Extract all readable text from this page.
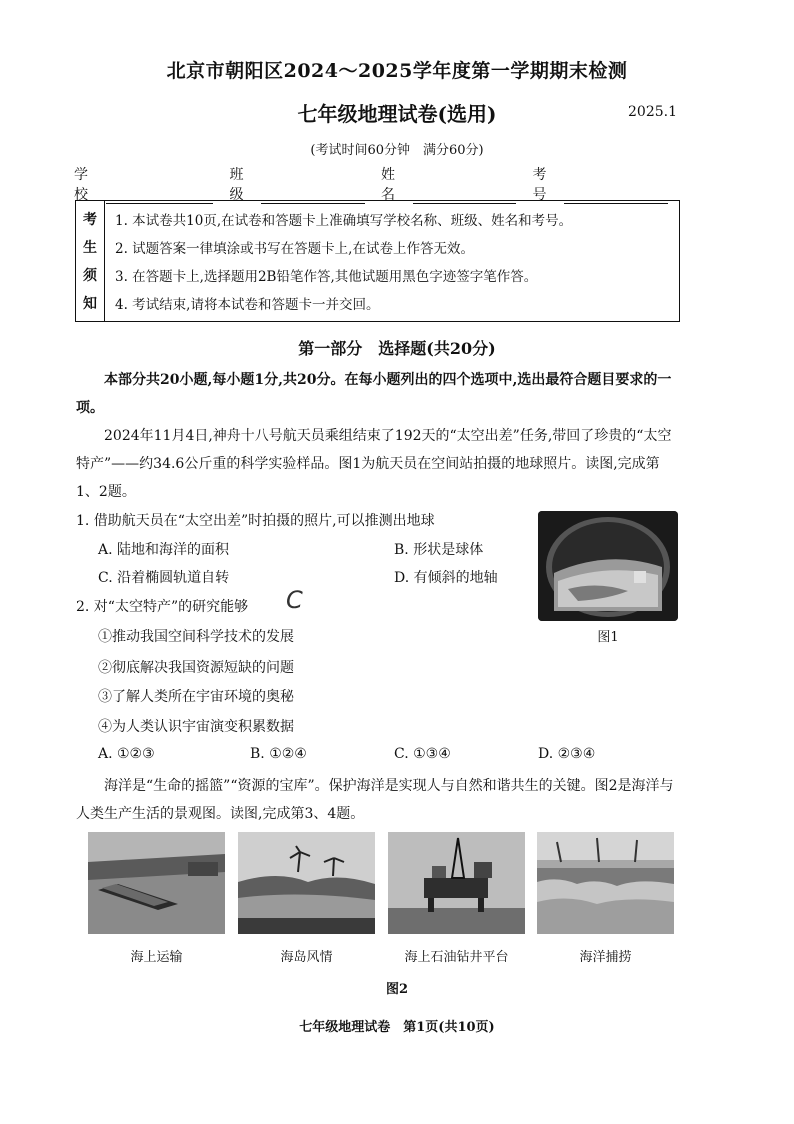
北京市朝阳区2024～2025学年度第一学期期末检测
七年级地理试卷(选用)	2025.1
(考试时间60分钟　满分60分)
学校
班级
姓名
考号
考
生
须
知
1. 本试卷共10页,在试卷和答题卡上准确填写学校名称、班级、姓名和考号。
2. 试题答案一律填涂或书写在答题卡上,在试卷上作答无效。
3. 在答题卡上,选择题用2B铅笔作答,其他试题用黑色字迹签字笔作答。
4. 考试结束,请将本试卷和答题卡一并交回。
第一部分　选择题(共20分)

本部分共20小题,每小题1分,共20分。在每小题列出的四个选项中,选出最符合题目要求的一项。

2024年11月4日,神舟十八号航天员乘组结束了192天的“太空出差”任务,带回了珍贵的“太空特产”——约34.6公斤重的科学实验样品。图1为航天员在空间站拍摄的地球照片。读图,完成第1、2题。

图1
1. 借助航天员在“太空出差”时拍摄的照片,可以推测出地球
A. 陆地和海洋的面积	B. 形状是球体
C. 沿着椭圆轨道自转	D. 有倾斜的地轴
2. 对“太空特产”的研究能够 C
①推动我国空间科学技术的发展
②彻底解决我国资源短缺的问题
③了解人类所在宇宙环境的奥秘
④为人类认识宇宙演变积累数据
A. ①②③	B. ①②④	C. ①③④	D. ②③④

海洋是“生命的摇篮”“资源的宝库”。保护海洋是实现人与自然和谐共生的关键。图2是海洋与人类生产生活的景观图。读图,完成第3、4题。

海上运输	海岛风情	海上石油钻井平台	海洋捕捞
图2
七年级地理试卷　第1页(共10页)
